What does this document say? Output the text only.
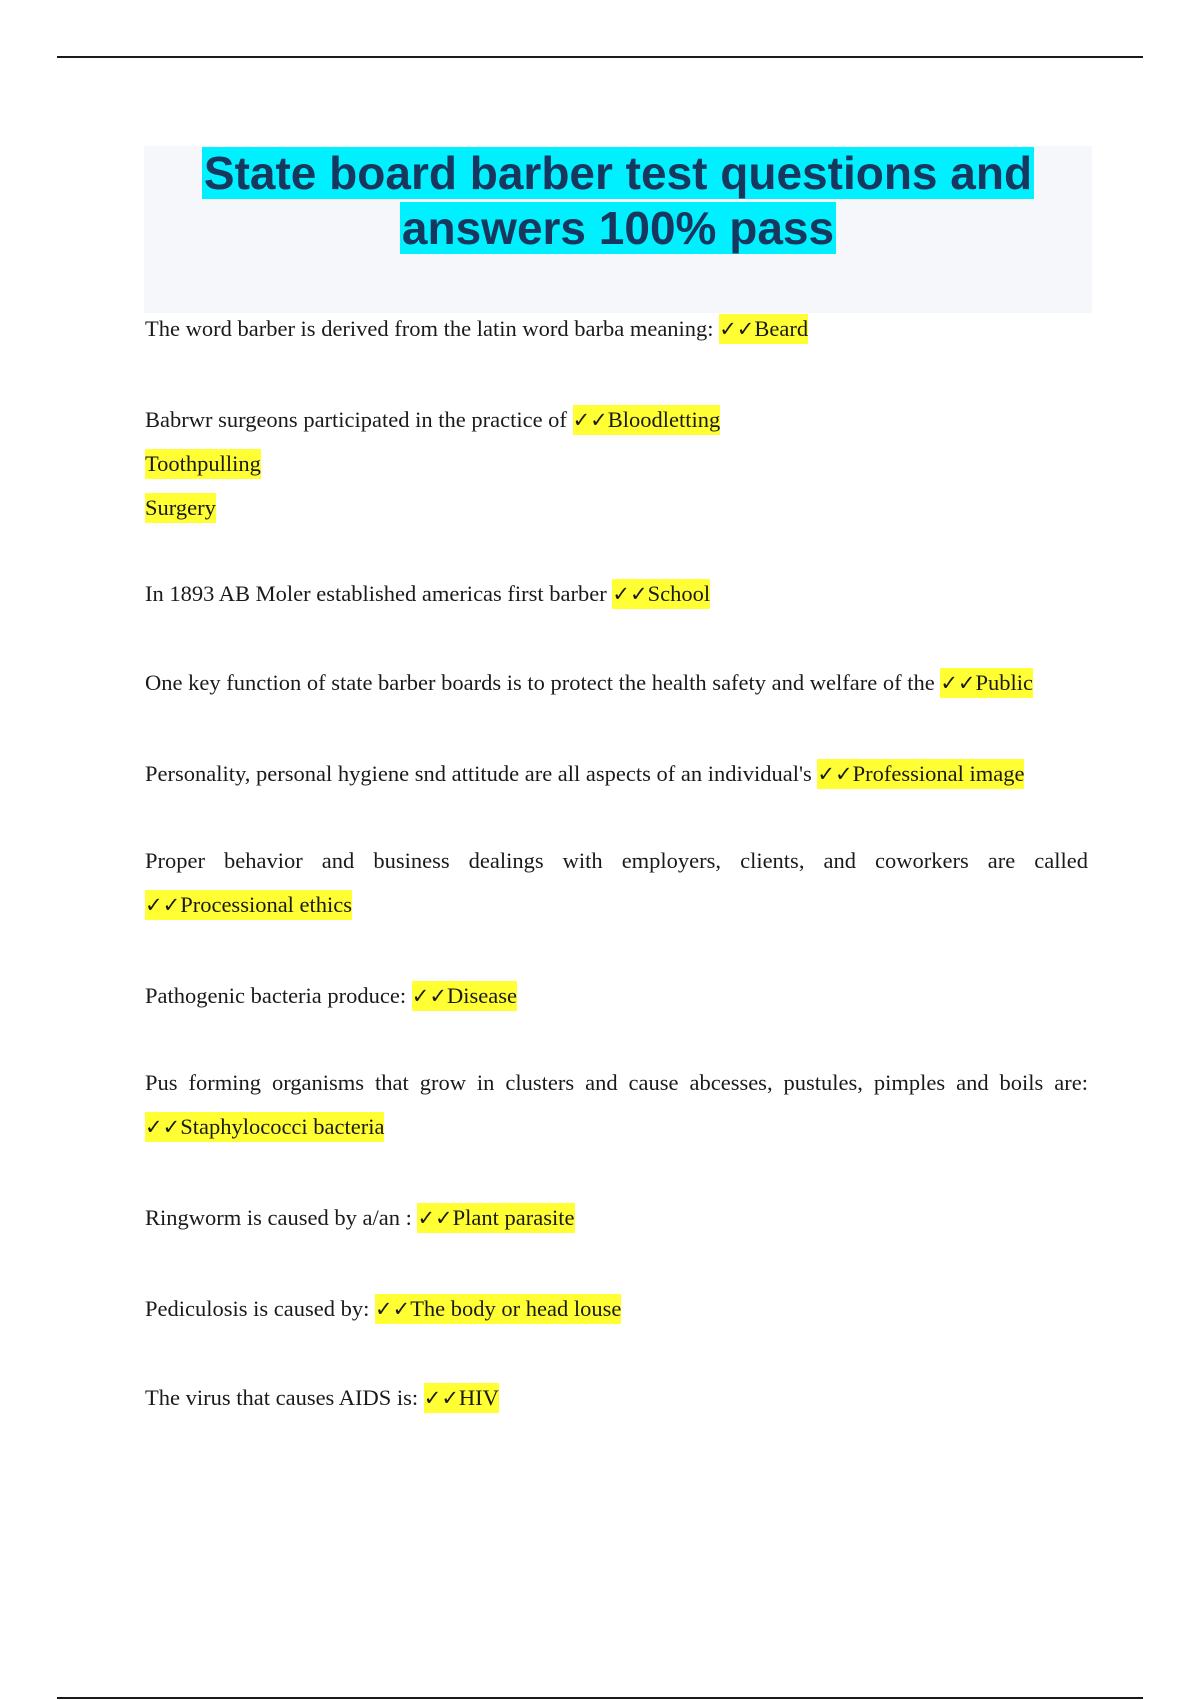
State board barber test questions and
answers 100% pass

The word barber is derived from the latin word barba meaning: ✓✓Beard

Babrwr surgeons participated in the practice of ✓✓Bloodletting
Toothpulling
Surgery

In 1893 AB Moler established americas first barber ✓✓School

One key function of state barber boards is to protect the health safety and welfare of the ✓✓Public

Personality, personal hygiene snd attitude are all aspects of an individual's ✓✓Professional image

Proper behavior and business dealings with employers, clients, and coworkers are called ✓✓Processional ethics

Pathogenic bacteria produce: ✓✓Disease

Pus forming organisms that grow in clusters and cause abcesses, pustules, pimples and boils are: ✓✓Staphylococci bacteria

Ringworm is caused by a/an : ✓✓Plant parasite

Pediculosis is caused by: ✓✓The body or head louse

The virus that causes AIDS is: ✓✓HIV
